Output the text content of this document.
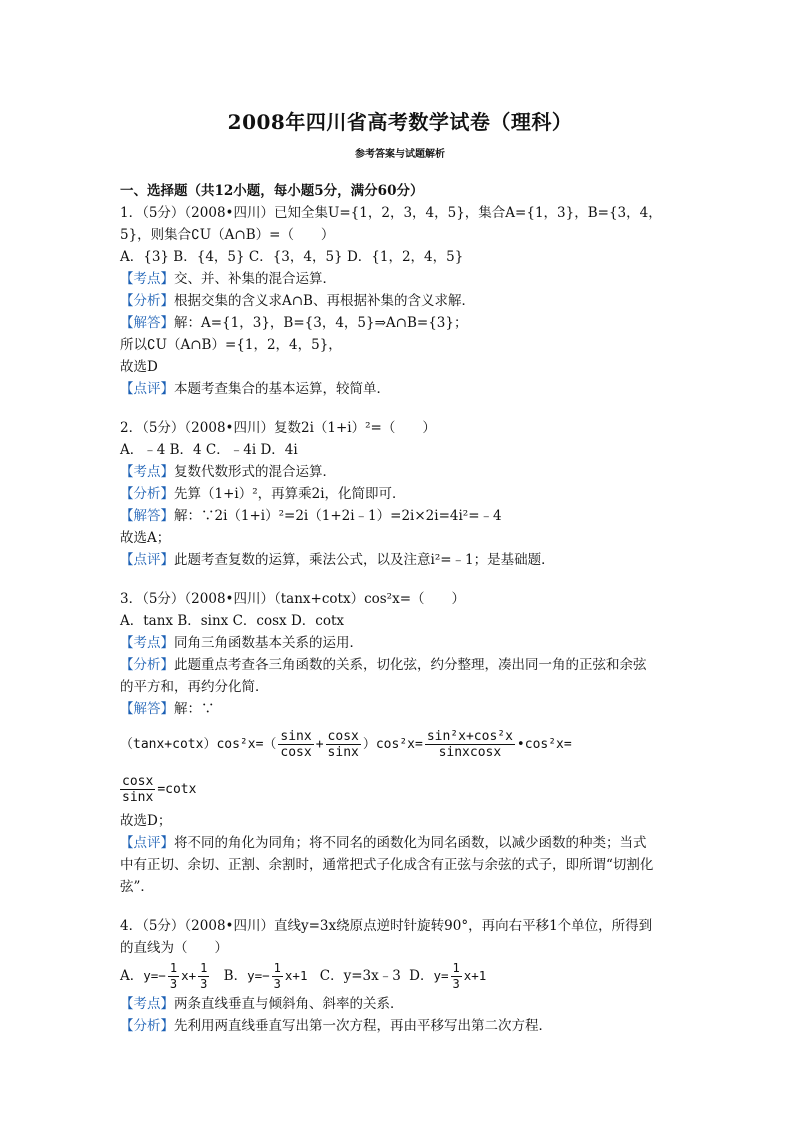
2008年四川省高考数学试卷（理科）
参考答案与试题解析
一、选择题（共12小题，每小题5分，满分60分）
1．（5分）（2008•四川）已知全集U={1，2，3，4，5}，集合A={1，3}，B={3，4，
5}，则集合∁U（A∩B）=（　　）
A．{3} B．{4，5} C．{3，4，5} D．{1，2，4，5}
【考点】交、并、补集的混合运算．
【分析】根据交集的含义求A∩B、再根据补集的含义求解．
【解答】解：A={1，3}，B={3，4，5}⇒A∩B={3}；
所以∁U（A∩B）={1，2，4，5}，
故选D
【点评】本题考查集合的基本运算，较简单．
2．（5分）（2008•四川）复数2i（1+i）²=（　　）
A．﹣4 B．4 C．﹣4i D．4i
【考点】复数代数形式的混合运算．
【分析】先算（1+i）²，再算乘2i，化简即可．
【解答】解：∵2i（1+i）²=2i（1+2i﹣1）=2i×2i=4i²=﹣4
故选A；
【点评】此题考查复数的运算，乘法公式，以及注意i²=﹣1；是基础题．
3．（5分）（2008•四川）（tanx+cotx）cos²x=（　　）
A．tanx B．sinx C．cosx D．cotx
【考点】同角三角函数基本关系的运用．
【分析】此题重点考查各三角函数的关系，切化弦，约分整理，凑出同一角的正弦和余弦
的平方和，再约分化简．
【解答】解：∵
$(\tan x+\cot x)\cos^2x=( \frac{\sin x}{\cos x} + \frac{\cos x}{\sin x} )\cos^2x= \frac{\text{sin²x+cos²x}}{\text{sinxcosx}}$ •cos²x=
$\frac{\cos x}{\sin x} =\cot x$
故选D；
【点评】将不同的角化为同角；将不同名的函数化为同名函数，以减少函数的种类；当式
中有正切、余切、正割、余割时，通常把式子化成含有正弦与余弦的式子，即所谓“切割化
弦”．
4．（5分）（2008•四川）直线y=3x绕原点逆时针旋转90°，再向右平移1个单位，所得到
的直线为（　　）
A．$y=- \frac{1}{3} x+ \frac{1}{3}$ B．$y=- \frac{1}{3} x+1$ C．y=3x﹣3 D．$y= \frac{1}{3} x+1$
【考点】两条直线垂直与倾斜角、斜率的关系．
【分析】先利用两直线垂直写出第一次方程，再由平移写出第二次方程．
